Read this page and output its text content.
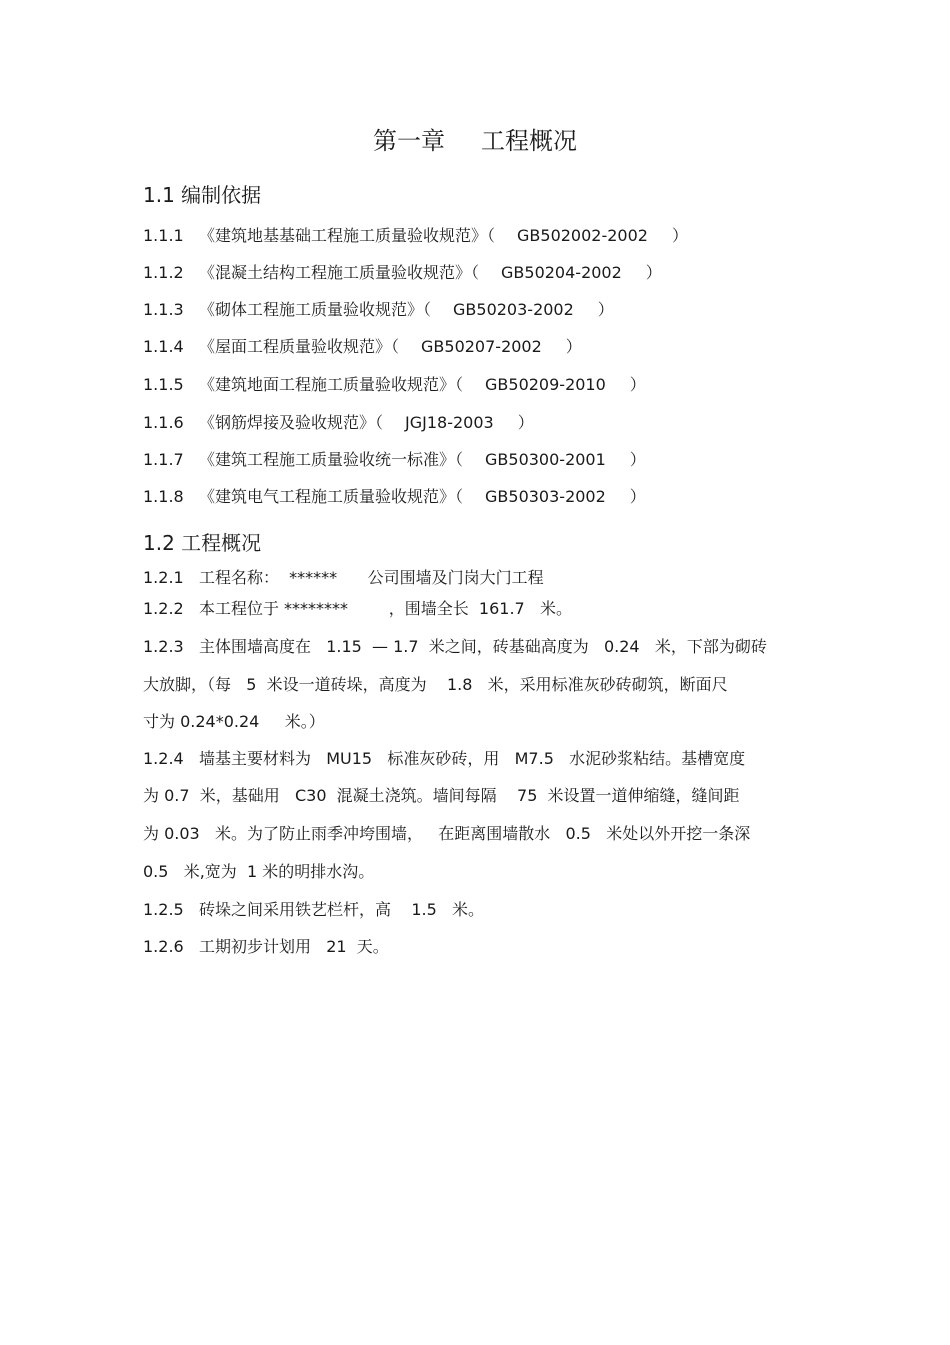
第一章 工程概况
1.1 编制依据
1.1.1 《建筑地基基础工程施工质量验收规范》（ GB502002-2002 ）
1.1.2 《混凝土结构工程施工质量验收规范》（ GB50204-2002 ）
1.1.3 《砌体工程施工质量验收规范》（ GB50203-2002 ）
1.1.4 《屋面工程质量验收规范》（ GB50207-2002 ）
1.1.5 《建筑地面工程施工质量验收规范》（ GB50209-2010 ）
1.1.6 《钢筋焊接及验收规范》（ JGJ18-2003 ）
1.1.7 《建筑工程施工质量验收统一标准》（ GB50300-2001 ）
1.1.8 《建筑电气工程施工质量验收规范》（ GB50303-2002 ）
1.2 工程概况
1.2.1   工程名称：  ******      公司围墙及门岗大门工程
1.2.2   本工程位于 ********        ，围墙全长  161.7   米。
1.2.3   主体围墙高度在   1.15  — 1.7  米之间，砖基础高度为   0.24   米，下部为砌砖
大放脚，（每   5  米设一道砖垛，高度为    1.8   米，采用标准灰砂砖砌筑，断面尺
寸为 0.24*0.24     米。）
1.2.4   墙基主要材料为   MU15   标准灰砂砖，用   M7.5   水泥砂浆粘结。基槽宽度
为 0.7  米，基础用   C30  混凝土浇筑。墙间每隔    75  米设置一道伸缩缝，缝间距
为 0.03   米。为了防止雨季冲垮围墙，   在距离围墙散水   0.5   米处以外开挖一条深
0.5   米,宽为  1 米的明排水沟。
1.2.5   砖垛之间采用铁艺栏杆，高    1.5   米。
1.2.6   工期初步计划用   21  天。
